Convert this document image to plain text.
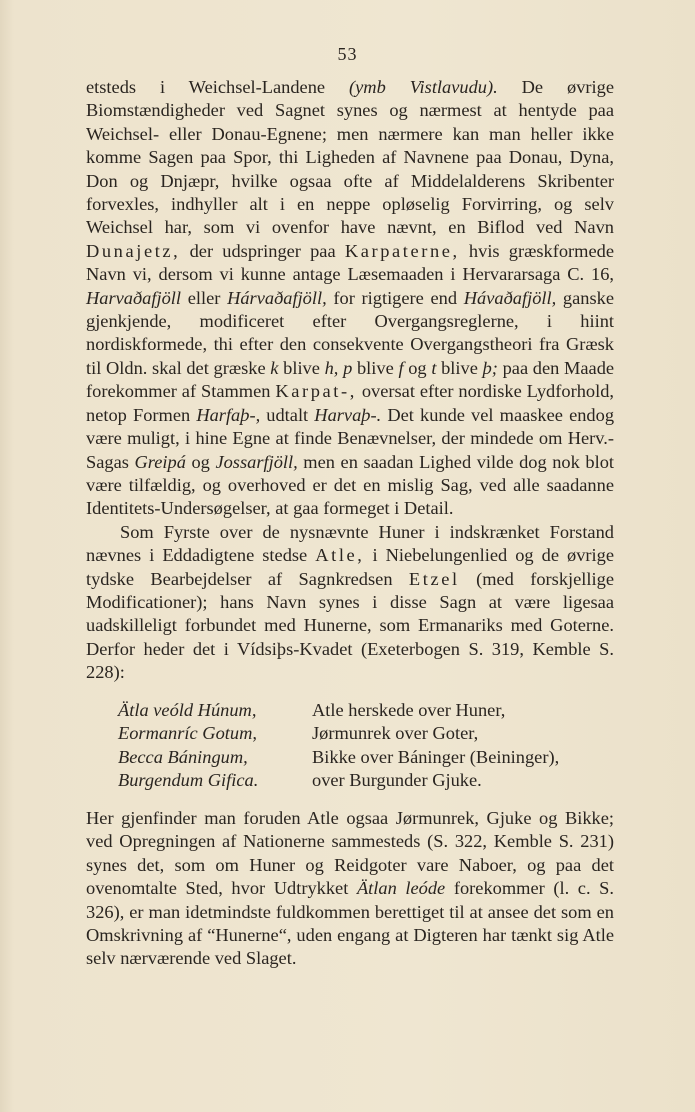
53

etsteds i Weichsel-Landene (ymb Vistlavudu). De øvrige Biomstændigheder ved Sagnet synes og nærmest at hentyde paa Weichsel- eller Donau-Egnene; men nærmere kan man heller ikke komme Sagen paa Spor, thi Ligheden af Navnene paa Donau, Dyna, Don og Dnjæpr, hvilke ogsaa ofte af Middelalderens Skribenter forvexles, indhyller alt i en neppe opløselig Forvirring, og selv Weichsel har, som vi ovenfor have nævnt, en Biflod ved Navn Dunajetz, der udspringer paa Karpaterne, hvis græskformede Navn vi, dersom vi kunne antage Læsemaaden i Hervararsaga C. 16, Harvaðafjöll eller Hárvaðafjöll, for rigtigere end Hávaðafjöll, ganske gjenkjende, modificeret efter Overgangsreglerne, i hiint nordiskformede, thi efter den consekvente Overgangstheori fra Græsk til Oldn. skal det græske k blive h, p blive f og t blive þ; paa den Maade forekommer af Stammen Karpat-, oversat efter nordiske Lydforhold, netop Formen Harfaþ-, udtalt Harvaþ-. Det kunde vel maaskee endog være muligt, i hine Egne at finde Benævnelser, der mindede om Herv.-Sagas Greipá og Jossarfjöll, men en saadan Lighed vilde dog nok blot være tilfældig, og overhoved er det en mislig Sag, ved alle saadanne Identitets-Undersøgelser, at gaa formeget i Detail.

Som Fyrste over de nysnævnte Huner i indskrænket Forstand nævnes i Eddadigtene stedse Atle, i Niebelungenlied og de øvrige tydske Bearbejdelser af Sagnkredsen Etzel (med forskjellige Modificationer); hans Navn synes i disse Sagn at være ligesaa uadskilleligt forbundet med Hunerne, som Ermanariks med Goterne. Derfor heder det i Vídsiþs-Kvadet (Exeterbogen S. 319, Kemble S. 228):

Ätla veóld Húnum,	Atle herskede over Huner,
Eormanríc Gotum,	Jørmunrek over Goter,
Becca Báningum,	Bikke over Báninger (Beininger),
Burgendum Gifica.	over Burgunder Gjuke.

Her gjenfinder man foruden Atle ogsaa Jørmunrek, Gjuke og Bikke; ved Opregningen af Nationerne sammesteds (S. 322, Kemble S. 231) synes det, som om Huner og Reidgoter vare Naboer, og paa det ovenomtalte Sted, hvor Udtrykket Ätlan leóde forekommer (l. c. S. 326), er man idetmindste fuldkommen berettiget til at ansee det som en Omskrivning af “Hunerne“, uden engang at Digteren har tænkt sig Atle selv nærværende ved Slaget.
